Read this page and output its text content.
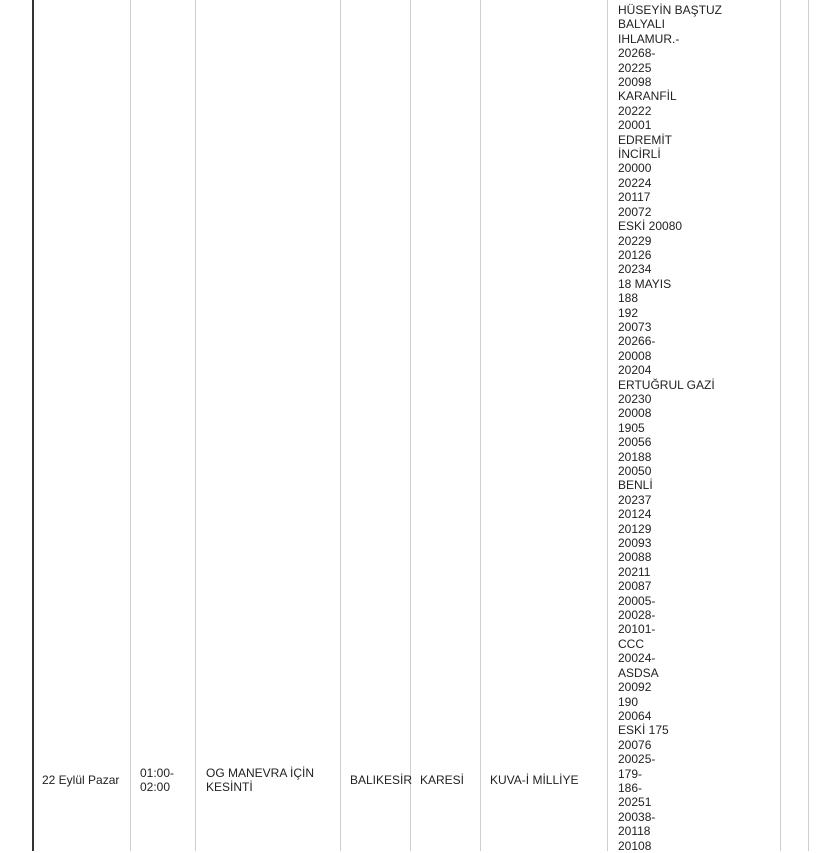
22 Eylül Pazar 01:00-
02:00
OG MANEVRA İÇİN
KESİNTİ
BALIKESİR KARESİ KUVA-İ MİLLİYE
HÜSEYİN BAŞTUZ
BALYALI
IHLAMUR.-
20268-
20225
20098
KARANFİL
20222
20001
EDREMİT
İNCİRLİ
20000
20224
20117
20072
ESKİ 20080
20229
20126
20234
18 MAYIS
188
192
20073
20266-
20008
20204
ERTUĞRUL GAZİ
20230
20008
1905
20056
20188
20050
BENLİ
20237
20124
20129
20093
20088
20211
20087
20005-
20028-
20101-
CCC
20024-
ASDSA
20092
190
20064
ESKİ 175
20076
20025-
179-
186-
20251
20038-
20118
20108
